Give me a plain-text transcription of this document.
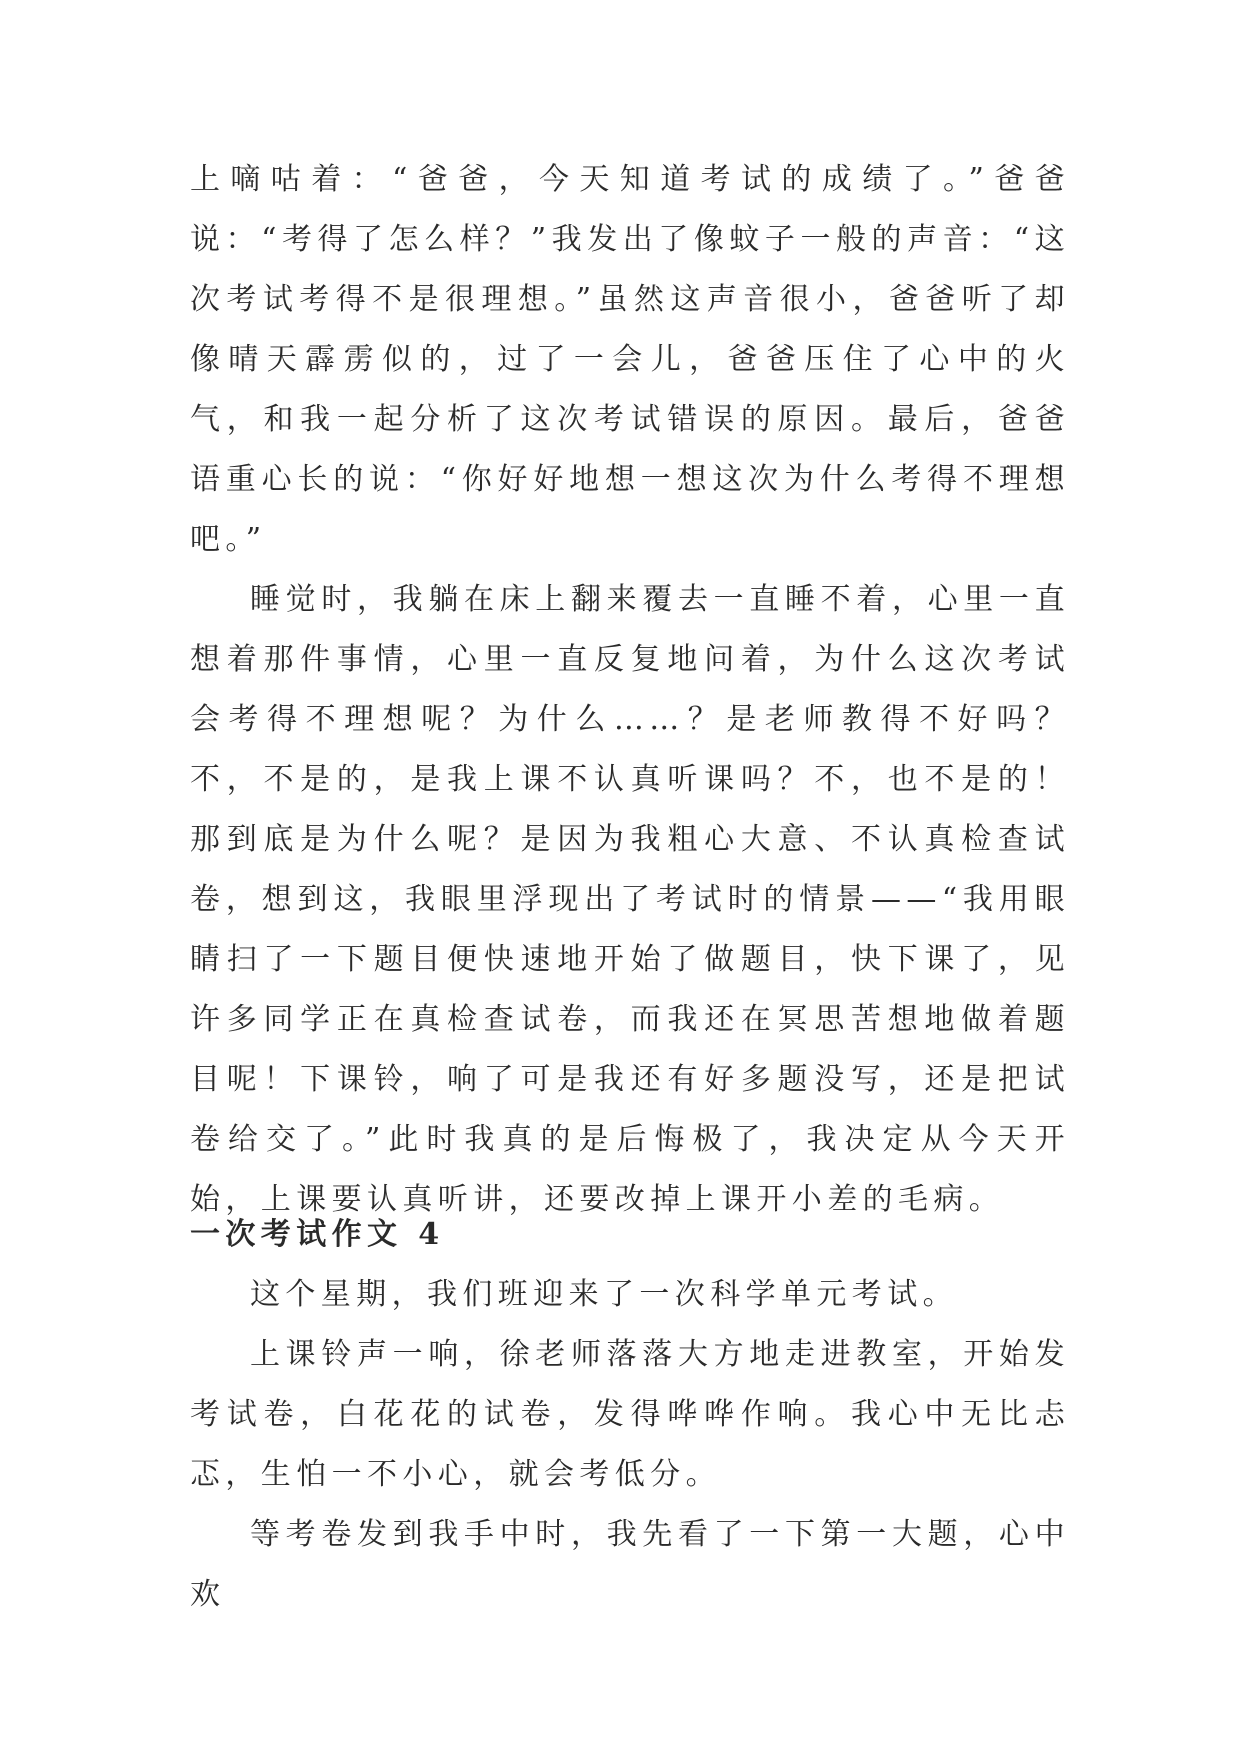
上嘀咕着：“爸爸，今天知道考试的成绩了。”爸爸说：“考得了怎么样？”我发出了像蚊子一般的声音：“这次考试考得不是很理想。”虽然这声音很小，爸爸听了却像晴天霹雳似的，过了一会儿，爸爸压住了心中的火气，和我一起分析了这次考试错误的原因。最后，爸爸语重心长的说：“你好好地想一想这次为什么考得不理想吧。”

睡觉时，我躺在床上翻来覆去一直睡不着，心里一直想着那件事情，心里一直反复地问着，为什么这次考试会考得不理想呢？为什么……？是老师教得不好吗？不，不是的，是我上课不认真听课吗？不，也不是的！那到底是为什么呢？是因为我粗心大意、不认真检查试卷，想到这，我眼里浮现出了考试时的情景——“我用眼睛扫了一下题目便快速地开始了做题目，快下课了，见许多同学正在真检查试卷，而我还在冥思苦想地做着题目呢！下课铃，响了可是我还有好多题没写，还是把试卷给交了。”此时我真的是后悔极了，我决定从今天开始，上课要认真听讲，还要改掉上课开小差的毛病。

一次考试作文 4

这个星期，我们班迎来了一次科学单元考试。

上课铃声一响，徐老师落落大方地走进教室，开始发考试卷，白花花的试卷，发得哗哗作响。我心中无比忐忑，生怕一不小心，就会考低分。

等考卷发到我手中时，我先看了一下第一大题，心中欢
